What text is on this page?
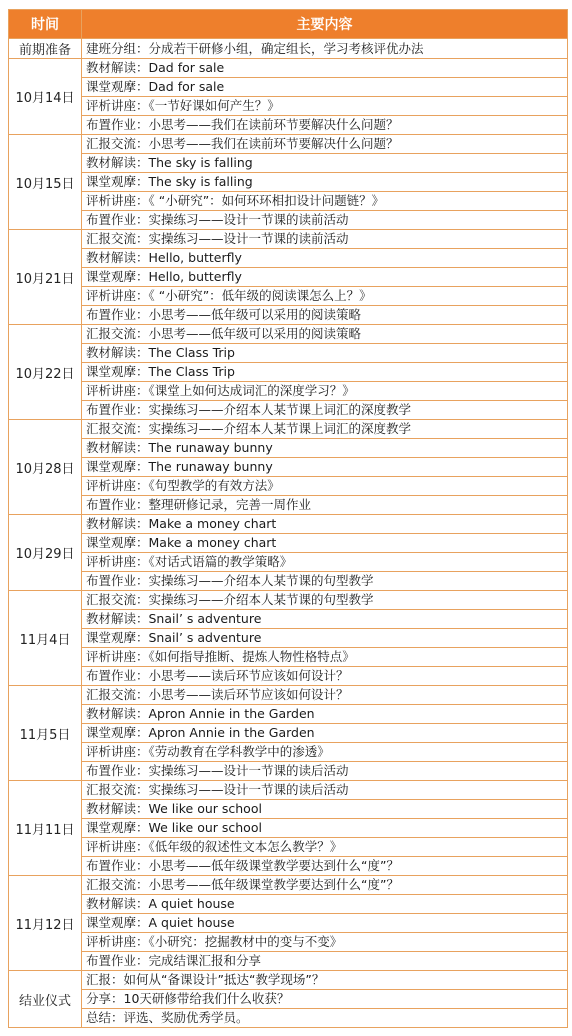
时间	主要内容
前期准备	建班分组：分成若干研修小组，确定组长，学习考核评优办法
10月14日	教材解读：Dad for sale
	课堂观摩：Dad for sale
	评析讲座：《一节好课如何产生？》
	布置作业：小思考——我们在读前环节要解决什么问题？
10月15日	汇报交流：小思考——我们在读前环节要解决什么问题？
	教材解读：The sky is falling
	课堂观摩：The sky is falling
	评析讲座：《 “小研究”：如何环环相扣设计问题链？》
	布置作业：实操练习——设计一节课的读前活动
10月21日	汇报交流：实操练习——设计一节课的读前活动
	教材解读：Hello, butterfly
	课堂观摩：Hello, butterfly
	评析讲座：《 “小研究”：低年级的阅读课怎么上？》
	布置作业：小思考——低年级可以采用的阅读策略
10月22日	汇报交流：小思考——低年级可以采用的阅读策略
	教材解读：The Class Trip
	课堂观摩：The Class Trip
	评析讲座：《课堂上如何达成词汇的深度学习？》
	布置作业：实操练习——介绍本人某节课上词汇的深度教学
10月28日	汇报交流：实操练习——介绍本人某节课上词汇的深度教学
	教材解读：The runaway bunny
	课堂观摩：The runaway bunny
	评析讲座：《句型教学的有效方法》
	布置作业：整理研修记录，完善一周作业
10月29日	教材解读：Make a money chart
	课堂观摩：Make a money chart
	评析讲座：《对话式语篇的教学策略》
	布置作业：实操练习——介绍本人某节课的句型教学
11月4日	汇报交流：实操练习——介绍本人某节课的句型教学
	教材解读：Snail’ s adventure
	课堂观摩：Snail’ s adventure
	评析讲座：《如何指导推断、提炼人物性格特点》
	布置作业：小思考——读后环节应该如何设计？
11月5日	汇报交流：小思考——读后环节应该如何设计？
	教材解读：Apron Annie in the Garden
	课堂观摩：Apron Annie in the Garden
	评析讲座：《劳动教育在学科教学中的渗透》
	布置作业：实操练习——设计一节课的读后活动
11月11日	汇报交流：实操练习——设计一节课的读后活动
	教材解读：We like our school
	课堂观摩：We like our school
	评析讲座：《低年级的叙述性文本怎么教学？》
	布置作业：小思考——低年级课堂教学要达到什么“度”？
11月12日	汇报交流：小思考——低年级课堂教学要达到什么“度”？
	教材解读：A quiet house
	课堂观摩：A quiet house
	评析讲座：《小研究：挖掘教材中的变与不变》
	布置作业：完成结课汇报和分享
结业仪式	汇报：如何从“备课设计”抵达“教学现场”？
	分享：10天研修带给我们什么收获？
	总结：评选、奖励优秀学员。
